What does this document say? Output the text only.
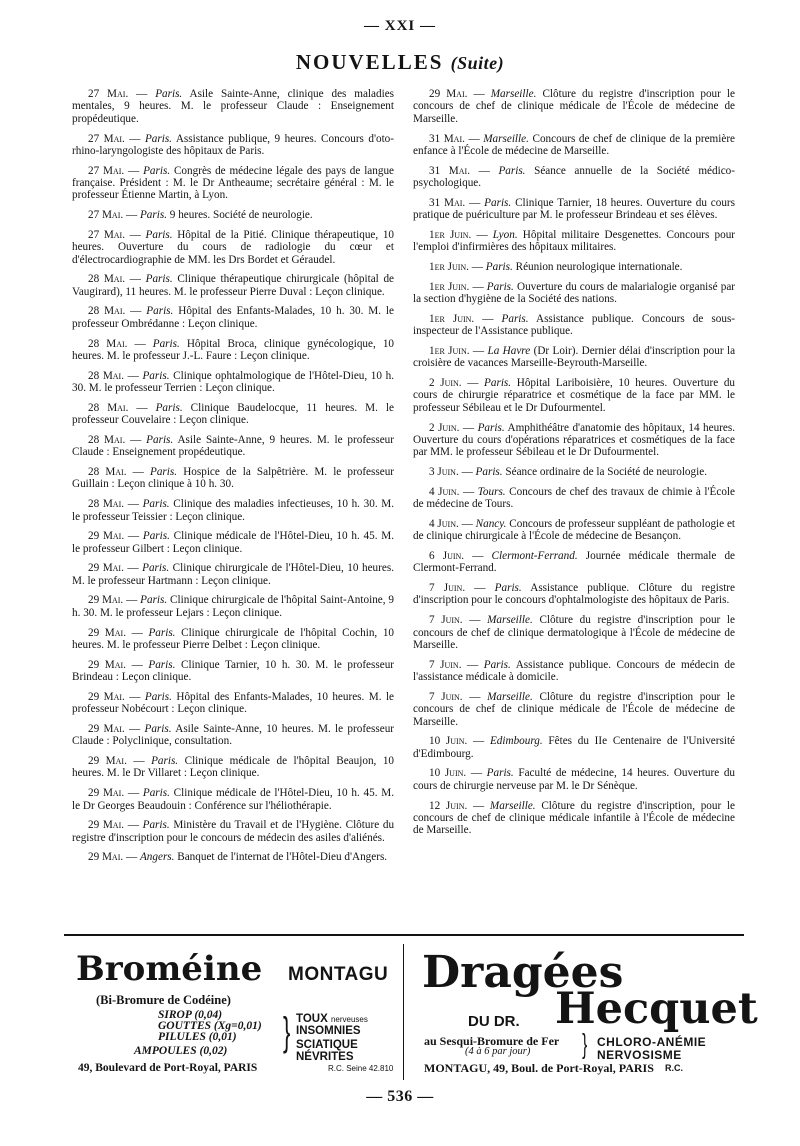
— XXI —
NOUVELLES (Suite)

27 Mai. — Paris. Asile Sainte-Anne, clinique des maladies mentales, 9 heures. M. le professeur Claude : Enseignement propédeutique.

27 Mai. — Paris. Assistance publique, 9 heures. Concours d'oto-rhino-laryngologiste des hôpitaux de Paris.

27 Mai. — Paris. Congrès de médecine légale des pays de langue française. Président : M. le Dr Antheaume; secrétaire général : M. le professeur Étienne Martin, à Lyon.

27 Mai. — Paris. 9 heures. Société de neurologie.

27 Mai. — Paris. Hôpital de la Pitié. Clinique thérapeutique, 10 heures. Ouverture du cours de radiologie du cœur et d'électrocardiographie de MM. les Drs Bordet et Géraudel.

28 Mai. — Paris. Clinique thérapeutique chirurgicale (hôpital de Vaugirard), 11 heures. M. le professeur Pierre Duval : Leçon clinique.

28 Mai. — Paris. Hôpital des Enfants-Malades, 10 h. 30. M. le professeur Ombrédanne : Leçon clinique.

28 Mai. — Paris. Hôpital Broca, clinique gynécologique, 10 heures. M. le professeur J.-L. Faure : Leçon clinique.

28 Mai. — Paris. Clinique ophtalmologique de l'Hôtel-Dieu, 10 h. 30. M. le professeur Terrien : Leçon clinique.

28 Mai. — Paris. Clinique Baudelocque, 11 heures. M. le professeur Couvelaire : Leçon clinique.

28 Mai. — Paris. Asile Sainte-Anne, 9 heures. M. le professeur Claude : Enseignement propédeutique.

28 Mai. — Paris. Hospice de la Salpêtrière. M. le professeur Guillain : Leçon clinique à 10 h. 30.

28 Mai. — Paris. Clinique des maladies infectieuses, 10 h. 30. M. le professeur Teissier : Leçon clinique.

29 Mai. — Paris. Clinique médicale de l'Hôtel-Dieu, 10 h. 45. M. le professeur Gilbert : Leçon clinique.

29 Mai. — Paris. Clinique chirurgicale de l'Hôtel-Dieu, 10 heures. M. le professeur Hartmann : Leçon clinique.

29 Mai. — Paris. Clinique chirurgicale de l'hôpital Saint-Antoine, 9 h. 30. M. le professeur Lejars : Leçon clinique.

29 Mai. — Paris. Clinique chirurgicale de l'hôpital Cochin, 10 heures. M. le professeur Pierre Delbet : Leçon clinique.

29 Mai. — Paris. Clinique Tarnier, 10 h. 30. M. le professeur Brindeau : Leçon clinique.

29 Mai. — Paris. Hôpital des Enfants-Malades, 10 heures. M. le professeur Nobécourt : Leçon clinique.

29 Mai. — Paris. Asile Sainte-Anne, 10 heures. M. le professeur Claude : Polyclinique, consultation.

29 Mai. — Paris. Clinique médicale de l'hôpital Beaujon, 10 heures. M. le Dr Villaret : Leçon clinique.

29 Mai. — Paris. Clinique médicale de l'Hôtel-Dieu, 10 h. 45. M. le Dr Georges Beaudouin : Conférence sur l'héliothérapie.

29 Mai. — Paris. Ministère du Travail et de l'Hygiène. Clôture du registre d'inscription pour le concours de médecin des asiles d'aliénés.

29 Mai. — Angers. Banquet de l'internat de l'Hôtel-Dieu d'Angers.

29 Mai. — Marseille. Clôture du registre d'inscription pour le concours de chef de clinique médicale de l'École de médecine de Marseille.

31 Mai. — Marseille. Concours de chef de clinique de la première enfance à l'École de médecine de Marseille.

31 Mai. — Paris. Séance annuelle de la Société médico-psychologique.

31 Mai. — Paris. Clinique Tarnier, 18 heures. Ouverture du cours pratique de puériculture par M. le professeur Brindeau et ses élèves.

1er Juin. — Lyon. Hôpital militaire Desgenettes. Concours pour l'emploi d'infirmières des hôpitaux militaires.

1er Juin. — Paris. Réunion neurologique internationale.

1er Juin. — Paris. Ouverture du cours de malarialogie organisé par la section d'hygiène de la Société des nations.

1er Juin. — Paris. Assistance publique. Concours de sous-inspecteur de l'Assistance publique.

1er Juin. — La Havre (Dr Loir). Dernier délai d'inscription pour la croisière de vacances Marseille-Beyrouth-Marseille.

2 Juin. — Paris. Hôpital Lariboisière, 10 heures. Ouverture du cours de chirurgie réparatrice et cosmétique de la face par MM. le professeur Sébileau et le Dr Dufourmentel.

2 Juin. — Paris. Amphithéâtre d'anatomie des hôpitaux, 14 heures. Ouverture du cours d'opérations réparatrices et cosmétiques de la face par MM. le professeur Sébileau et le Dr Dufourmentel.

3 Juin. — Paris. Séance ordinaire de la Société de neurologie.

4 Juin. — Tours. Concours de chef des travaux de chimie à l'École de médecine de Tours.

4 Juin. — Nancy. Concours de professeur suppléant de pathologie et de clinique chirurgicale à l'École de médecine de Besançon.

6 Juin. — Clermont-Ferrand. Journée médicale thermale de Clermont-Ferrand.

7 Juin. — Paris. Assistance publique. Clôture du registre d'inscription pour le concours d'ophtalmologiste des hôpitaux de Paris.

7 Juin. — Marseille. Clôture du registre d'inscription pour le concours de chef de clinique dermatologique à l'École de médecine de Marseille.

7 Juin. — Paris. Assistance publique. Concours de médecin de l'assistance médicale à domicile.

7 Juin. — Marseille. Clôture du registre d'inscription pour le concours de chef de clinique médicale de l'École de médecine de Marseille.

10 Juin. — Edimbourg. Fêtes du IIe Centenaire de l'Université d'Edimbourg.

10 Juin. — Paris. Faculté de médecine, 14 heures. Ouverture du cours de chirurgie nerveuse par M. le Dr Sénèque.

12 Juin. — Marseille. Clôture du registre d'inscription, pour le concours de chef de clinique médicale infantile à l'École de médecine de Marseille.

Broméine MONTAGU
(Bi-Bromure de Codéine)
SIROP (0,04)
GOUTTES (Xg=0,01)
PILULES (0,01)
AMPOULES (0,02)	} TOUX nerveuses
INSOMNIES
SCIATIQUE
NÉVRITES
49, Boulevard de Port-Royal, PARIS	R.C. Seine 42.810
Dragées
DU DR. Hecquet
au Sesqui-Bromure de Fer
(4 à 6 par jour) } CHLORO-ANÉMIE
NERVOSISME
MONTAGU, 49, Boul. de Port-Royal, PARIS R.C.
— 536 —
